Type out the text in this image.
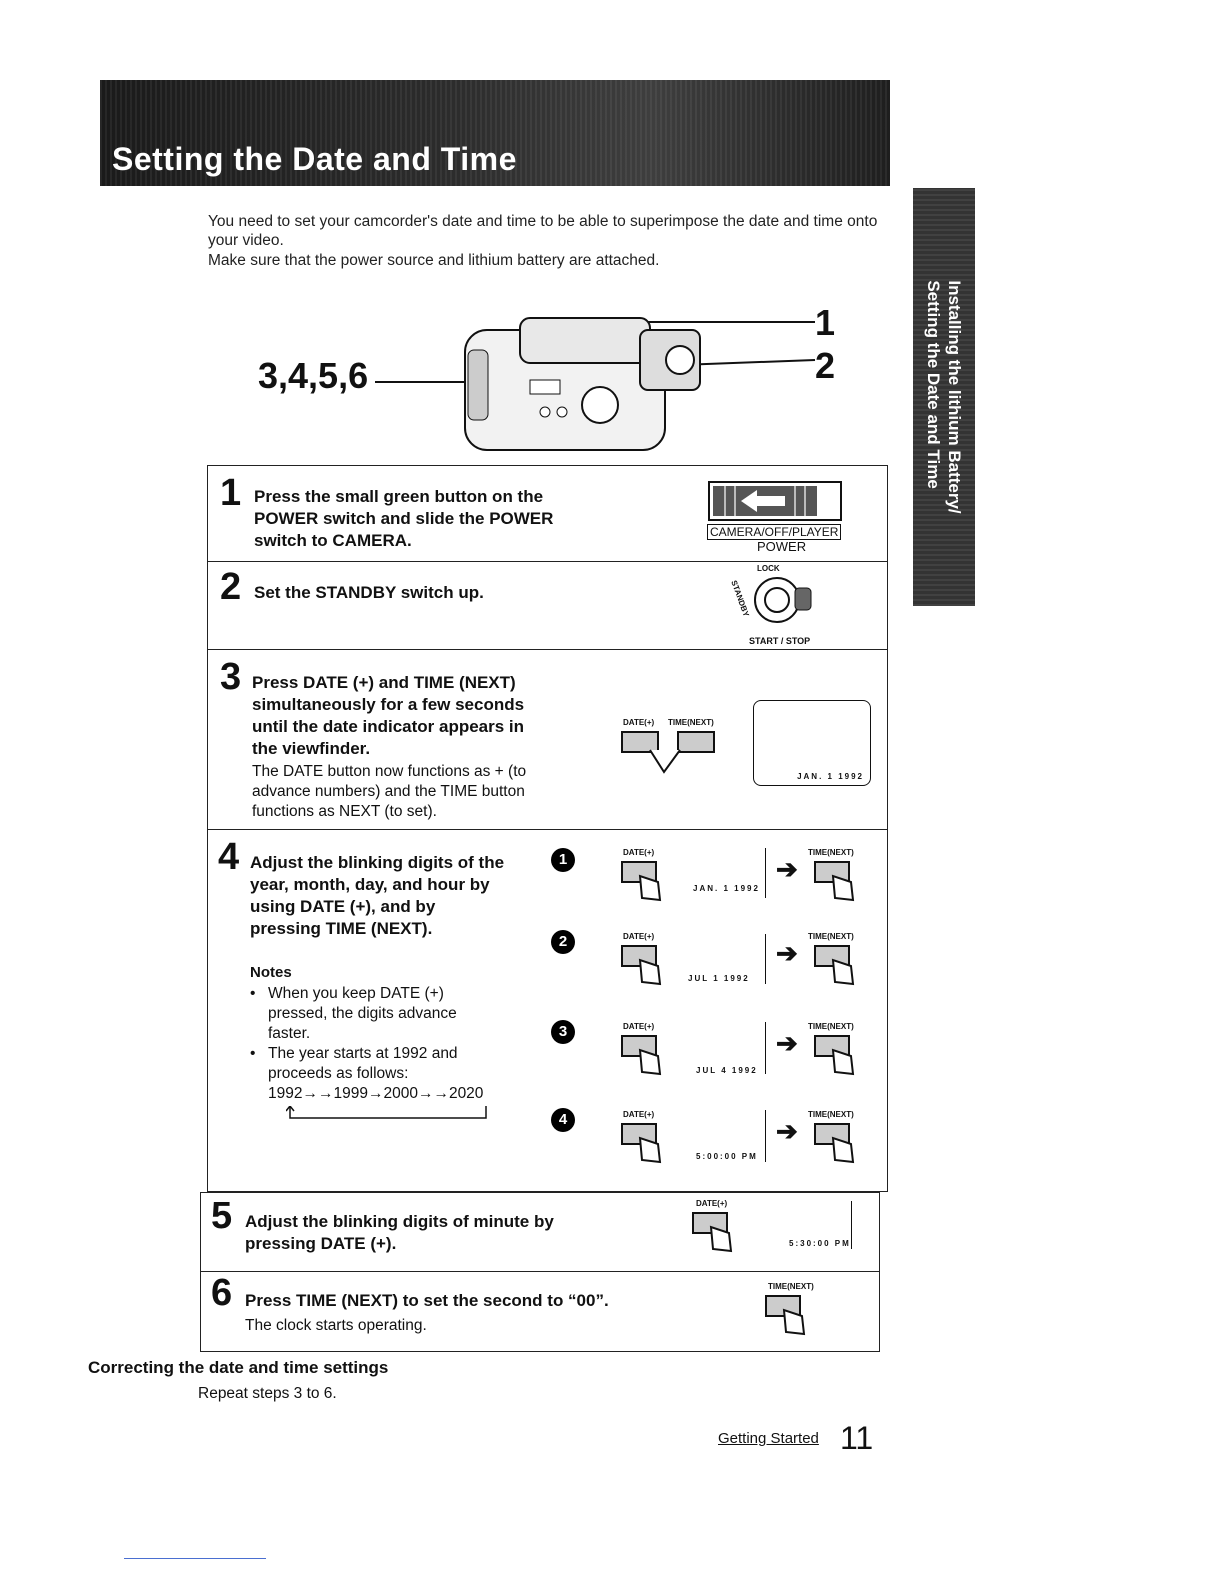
Setting the Date and Time
Installing the lithium Battery/
Setting the Date and Time
You need to set your camcorder's date and time to be able to superimpose the date and time onto your video.
Make sure that the power source and lithium battery are attached.
3,4,5,6
1
2
1 Press the small green button on the POWER switch and slide the POWER switch to CAMERA.	CAMERA/OFF/PLAYER
POWER
2 Set the STANDBY switch up.
LOCK
STANDBY
START / STOP
3 Press DATE (+) and TIME (NEXT) simultaneously for a few seconds until the date indicator appears in the viewfinder.
The DATE button now functions as + (to advance numbers) and the TIME button functions as NEXT (to set).
DATE(+) TIME(NEXT)
JAN. 1 1992
4 Adjust the blinking digits of the year, month, day, and hour by using DATE (+), and by pressing TIME (NEXT).
Notes
• When you keep DATE (+) pressed, the digits advance faster.
• The year starts at 1992 and proceeds as follows:
1992→→1999→2000→→2020
1
2
3
4
DATE(+)
JAN. 1 1992
➔
TIME(NEXT)
DATE(+)
JUL 1 1992
➔
TIME(NEXT)
DATE(+)
JUL 4 1992
➔
TIME(NEXT)
DATE(+)
5:00:00 PM
➔
TIME(NEXT)
5 Adjust the blinking digits of minute by pressing DATE (+).
DATE(+)
5:30:00 PM
6 Press TIME (NEXT) to set the second to “00”.
The clock starts operating.
TIME(NEXT)
Correcting the date and time settings
Repeat steps 3 to 6.
Getting Started 11
